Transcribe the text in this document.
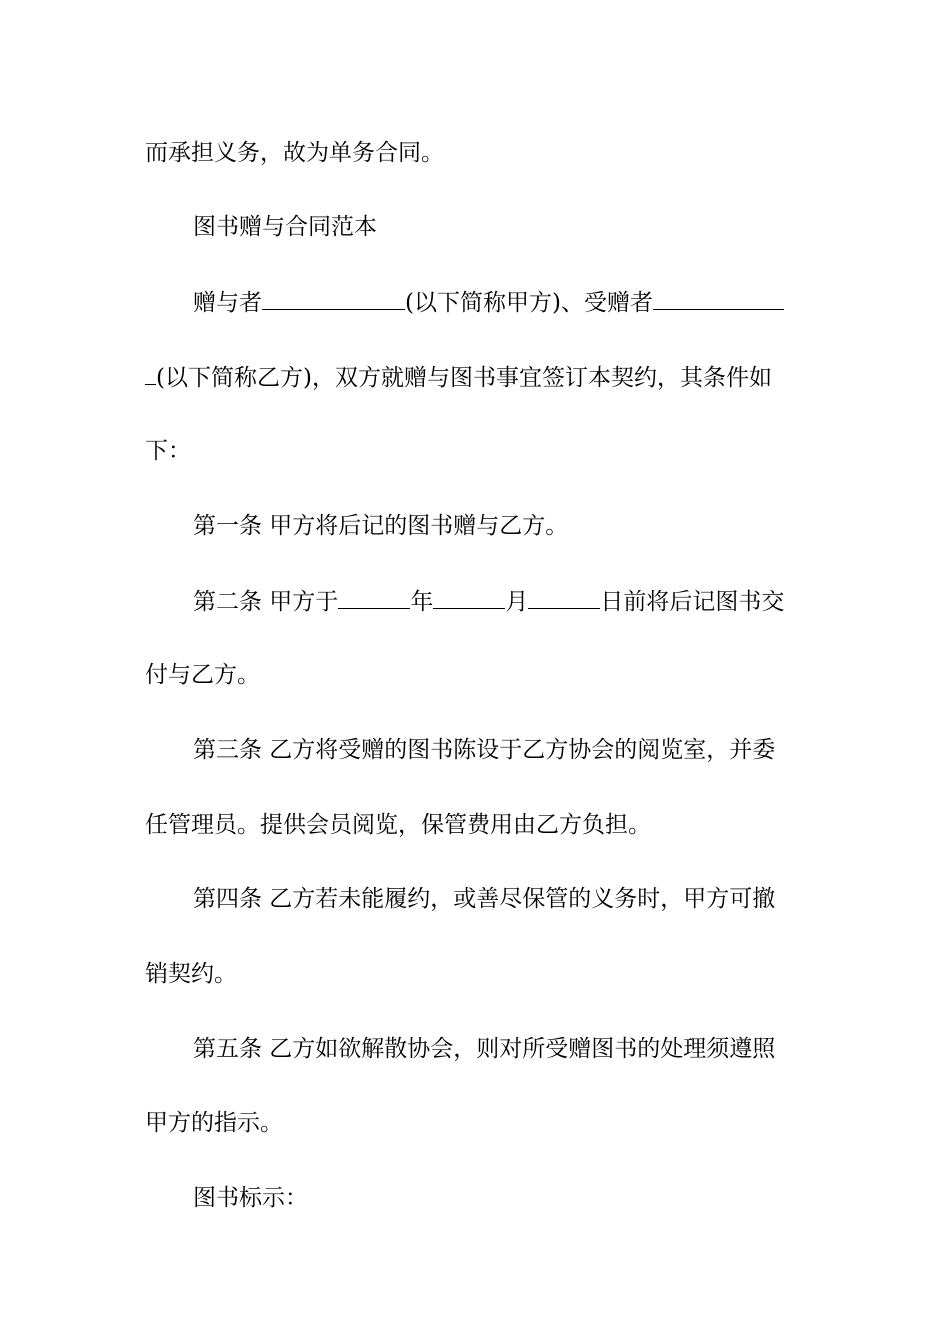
而承担义务，故为单务合同。
图书赠与合同范本
赠与者	(以下简称甲方)、受赠者
(以下简称乙方)，双方就赠与图书事宜签订本契约，其条件如
下：
第一条 甲方将后记的图书赠与乙方。
第二条 甲方于	年	月	日前将后记图书交
付与乙方。
第三条 乙方将受赠的图书陈设于乙方协会的阅览室，并委
任管理员。提供会员阅览，保管费用由乙方负担。
第四条 乙方若未能履约，或善尽保管的义务时，甲方可撤
销契约。
第五条 乙方如欲解散协会，则对所受赠图书的处理须遵照
甲方的指示。
图书标示：
